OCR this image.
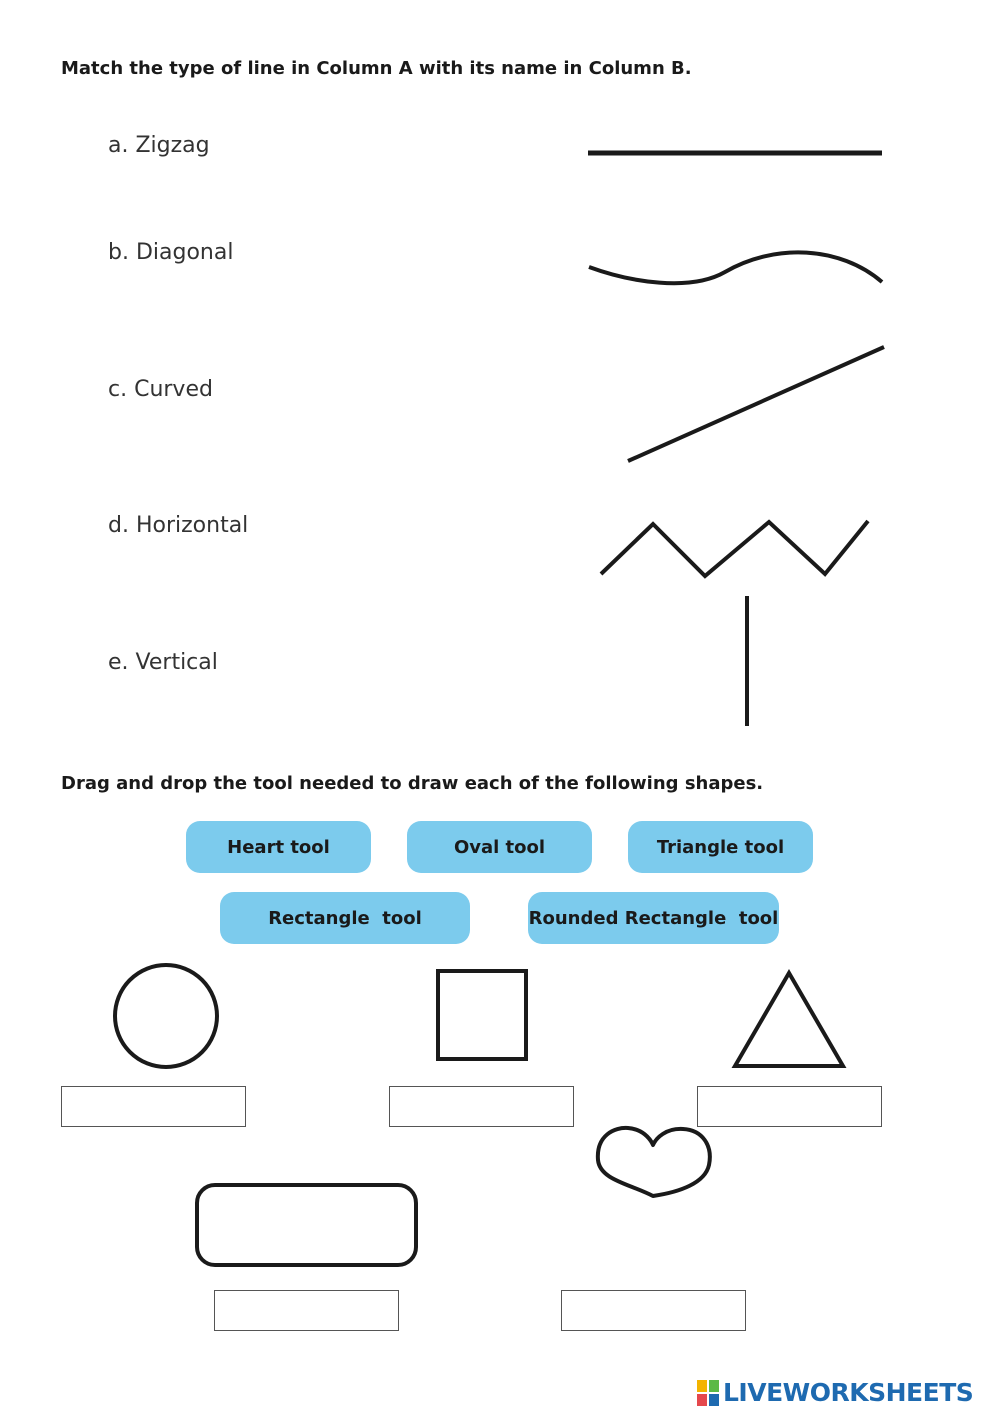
Match the type of line in Column A with its name in Column B.
a. Zigzag
b. Diagonal
c. Curved
d. Horizontal
e. Vertical
Drag and drop the tool needed to draw each of the following shapes.
Heart tool	Oval tool	Triangle tool
Rectangle  tool	Rounded Rectangle  tool
LIVEWORKSHEETS
